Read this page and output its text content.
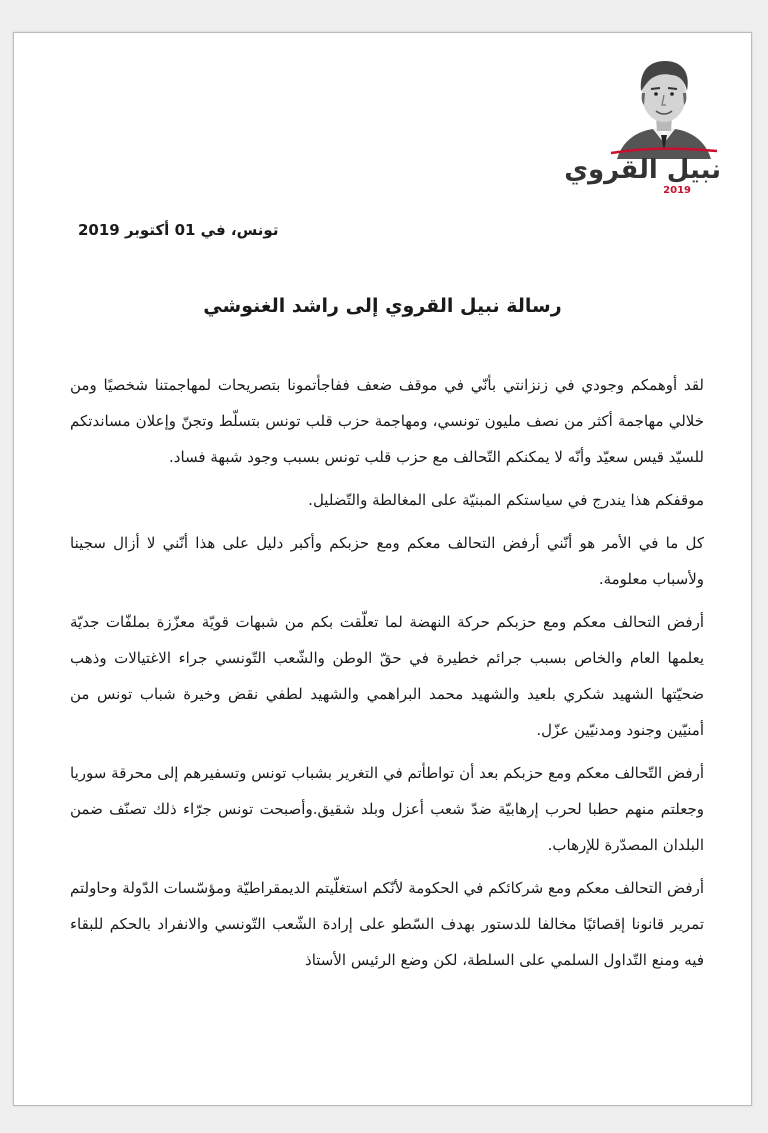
نبيل القروي
2019
تونس، في 01 أكتوبر 2019
رسالة نبيل القروي إلى راشد الغنوشي

لقد أوهمكم وجودي في زنزانتي بأنّي في موقف ضعف ففاجأتمونا بتصريحات لمهاجمتنا شخصيًا ومن خلالي مهاجمة أكثر من نصف مليون تونسي، ومهاجمة حزب قلب تونس بتسلّط وتجنّ وإعلان مساندتكم للسيّد قيس سعيّد وأنّه لا يمكنكم التّحالف مع حزب قلب تونس بسبب وجود شبهة فساد.

موقفكم هذا يندرج في سياستكم المبنيّة على المغالطة والتّضليل.

كل ما في الأمر هو أنّني أرفض التحالف معكم ومع حزبكم وأكبر دليل على هذا أنّني لا أزال سجينا ولأسباب معلومة.

أرفض التحالف معكم ومع حزبكم حركة النهضة لما تعلّقت بكم من شبهات قويّة معزّزة بملفّات جديّة يعلمها العام والخاص بسبب جرائم خطيرة في حقّ الوطن والشّعب التّونسي جراء الاغتيالات وذهب ضحيّتها الشهيد شكري بلعيد والشهيد محمد البراهمي والشهيد لطفي نقض وخيرة شباب تونس من أمنيّين وجنود ومدنيّين عزّل.

أرفض التّحالف معكم ومع حزبكم بعد أن تواطأتم في التغرير بشباب تونس وتسفيرهم إلى محرقة سوريا وجعلتم منهم حطبا لحرب إرهابيّة ضدّ شعب أعزل وبلد شقيق.وأصبحت تونس جرّاء ذلك تصنّف ضمن البلدان المصدّرة للإرهاب.

أرفض التحالف معكم ومع شركائكم في الحكومة لأنّكم استغلّيتم الديمقراطيّة ومؤسّسات الدّولة وحاولتم تمرير قانونا إقصائيًا مخالفا للدستور بهدف السّطو على إرادة الشّعب التّونسي والانفراد بالحكم للبقاء فيه ومنع التّداول السلمي على السلطة، لكن وضع الرئيس الأستاذ
